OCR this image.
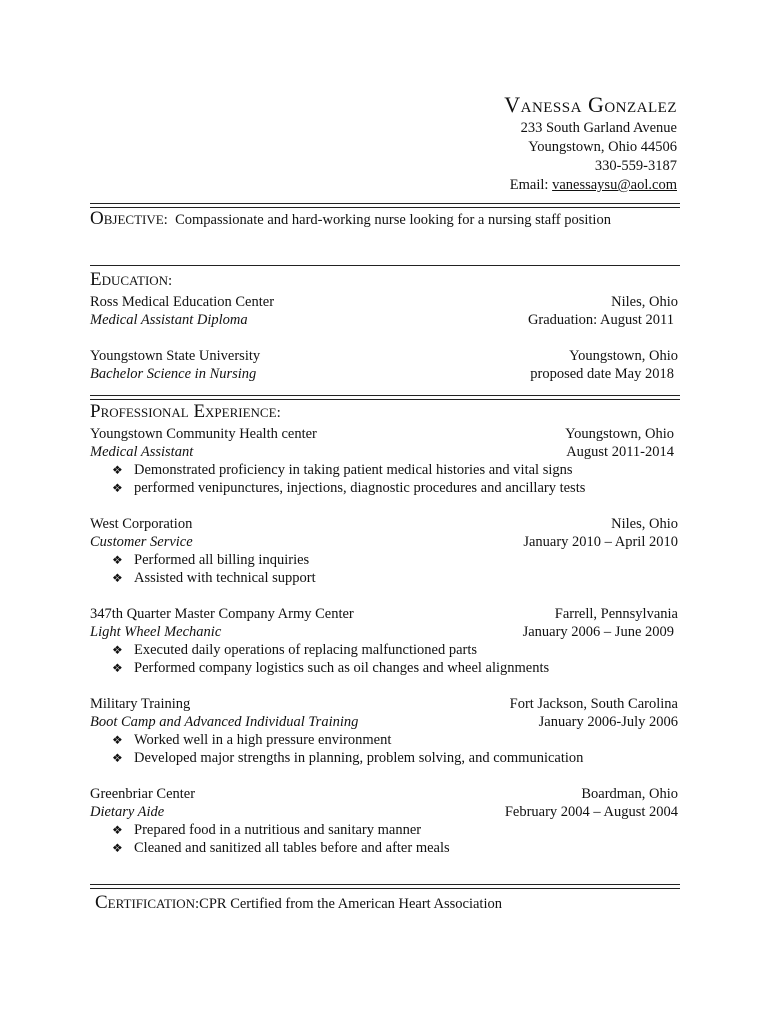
Vanessa Gonzalez
233 South Garland Avenue
Youngstown, Ohio 44506
330-559-3187
Email: vanessaysu@aol.com
Objective: Compassionate and hard-working nurse looking for a nursing staff position
Education:
Ross Medical Education Center	Niles, Ohio
Medical Assistant Diploma	Graduation: August 2011
Youngstown State University	Youngstown, Ohio
Bachelor Science in Nursing	proposed date May 2018
Professional Experience:
Youngstown Community Health center	Youngstown, Ohio
Medical Assistant	August 2011-2014
❖ Demonstrated proficiency in taking patient medical histories and vital signs
❖ performed venipunctures, injections, diagnostic procedures and ancillary tests
West Corporation	Niles, Ohio
Customer Service	January 2010 – April 2010
❖ Performed all billing inquiries
❖ Assisted with technical support
347th Quarter Master Company Army Center	Farrell, Pennsylvania
Light Wheel Mechanic	January 2006 – June 2009
❖ Executed daily operations of replacing malfunctioned parts
❖ Performed company logistics such as oil changes and wheel alignments
Military Training	Fort Jackson, South Carolina
Boot Camp and Advanced Individual Training	January 2006-July 2006
❖ Worked well in a high pressure environment
❖ Developed major strengths in planning, problem solving, and communication
Greenbriar Center	Boardman, Ohio
Dietary Aide	February 2004 – August 2004
❖ Prepared food in a nutritious and sanitary manner
❖ Cleaned and sanitized all tables before and after meals
Certification:CPR Certified from the American Heart Association
